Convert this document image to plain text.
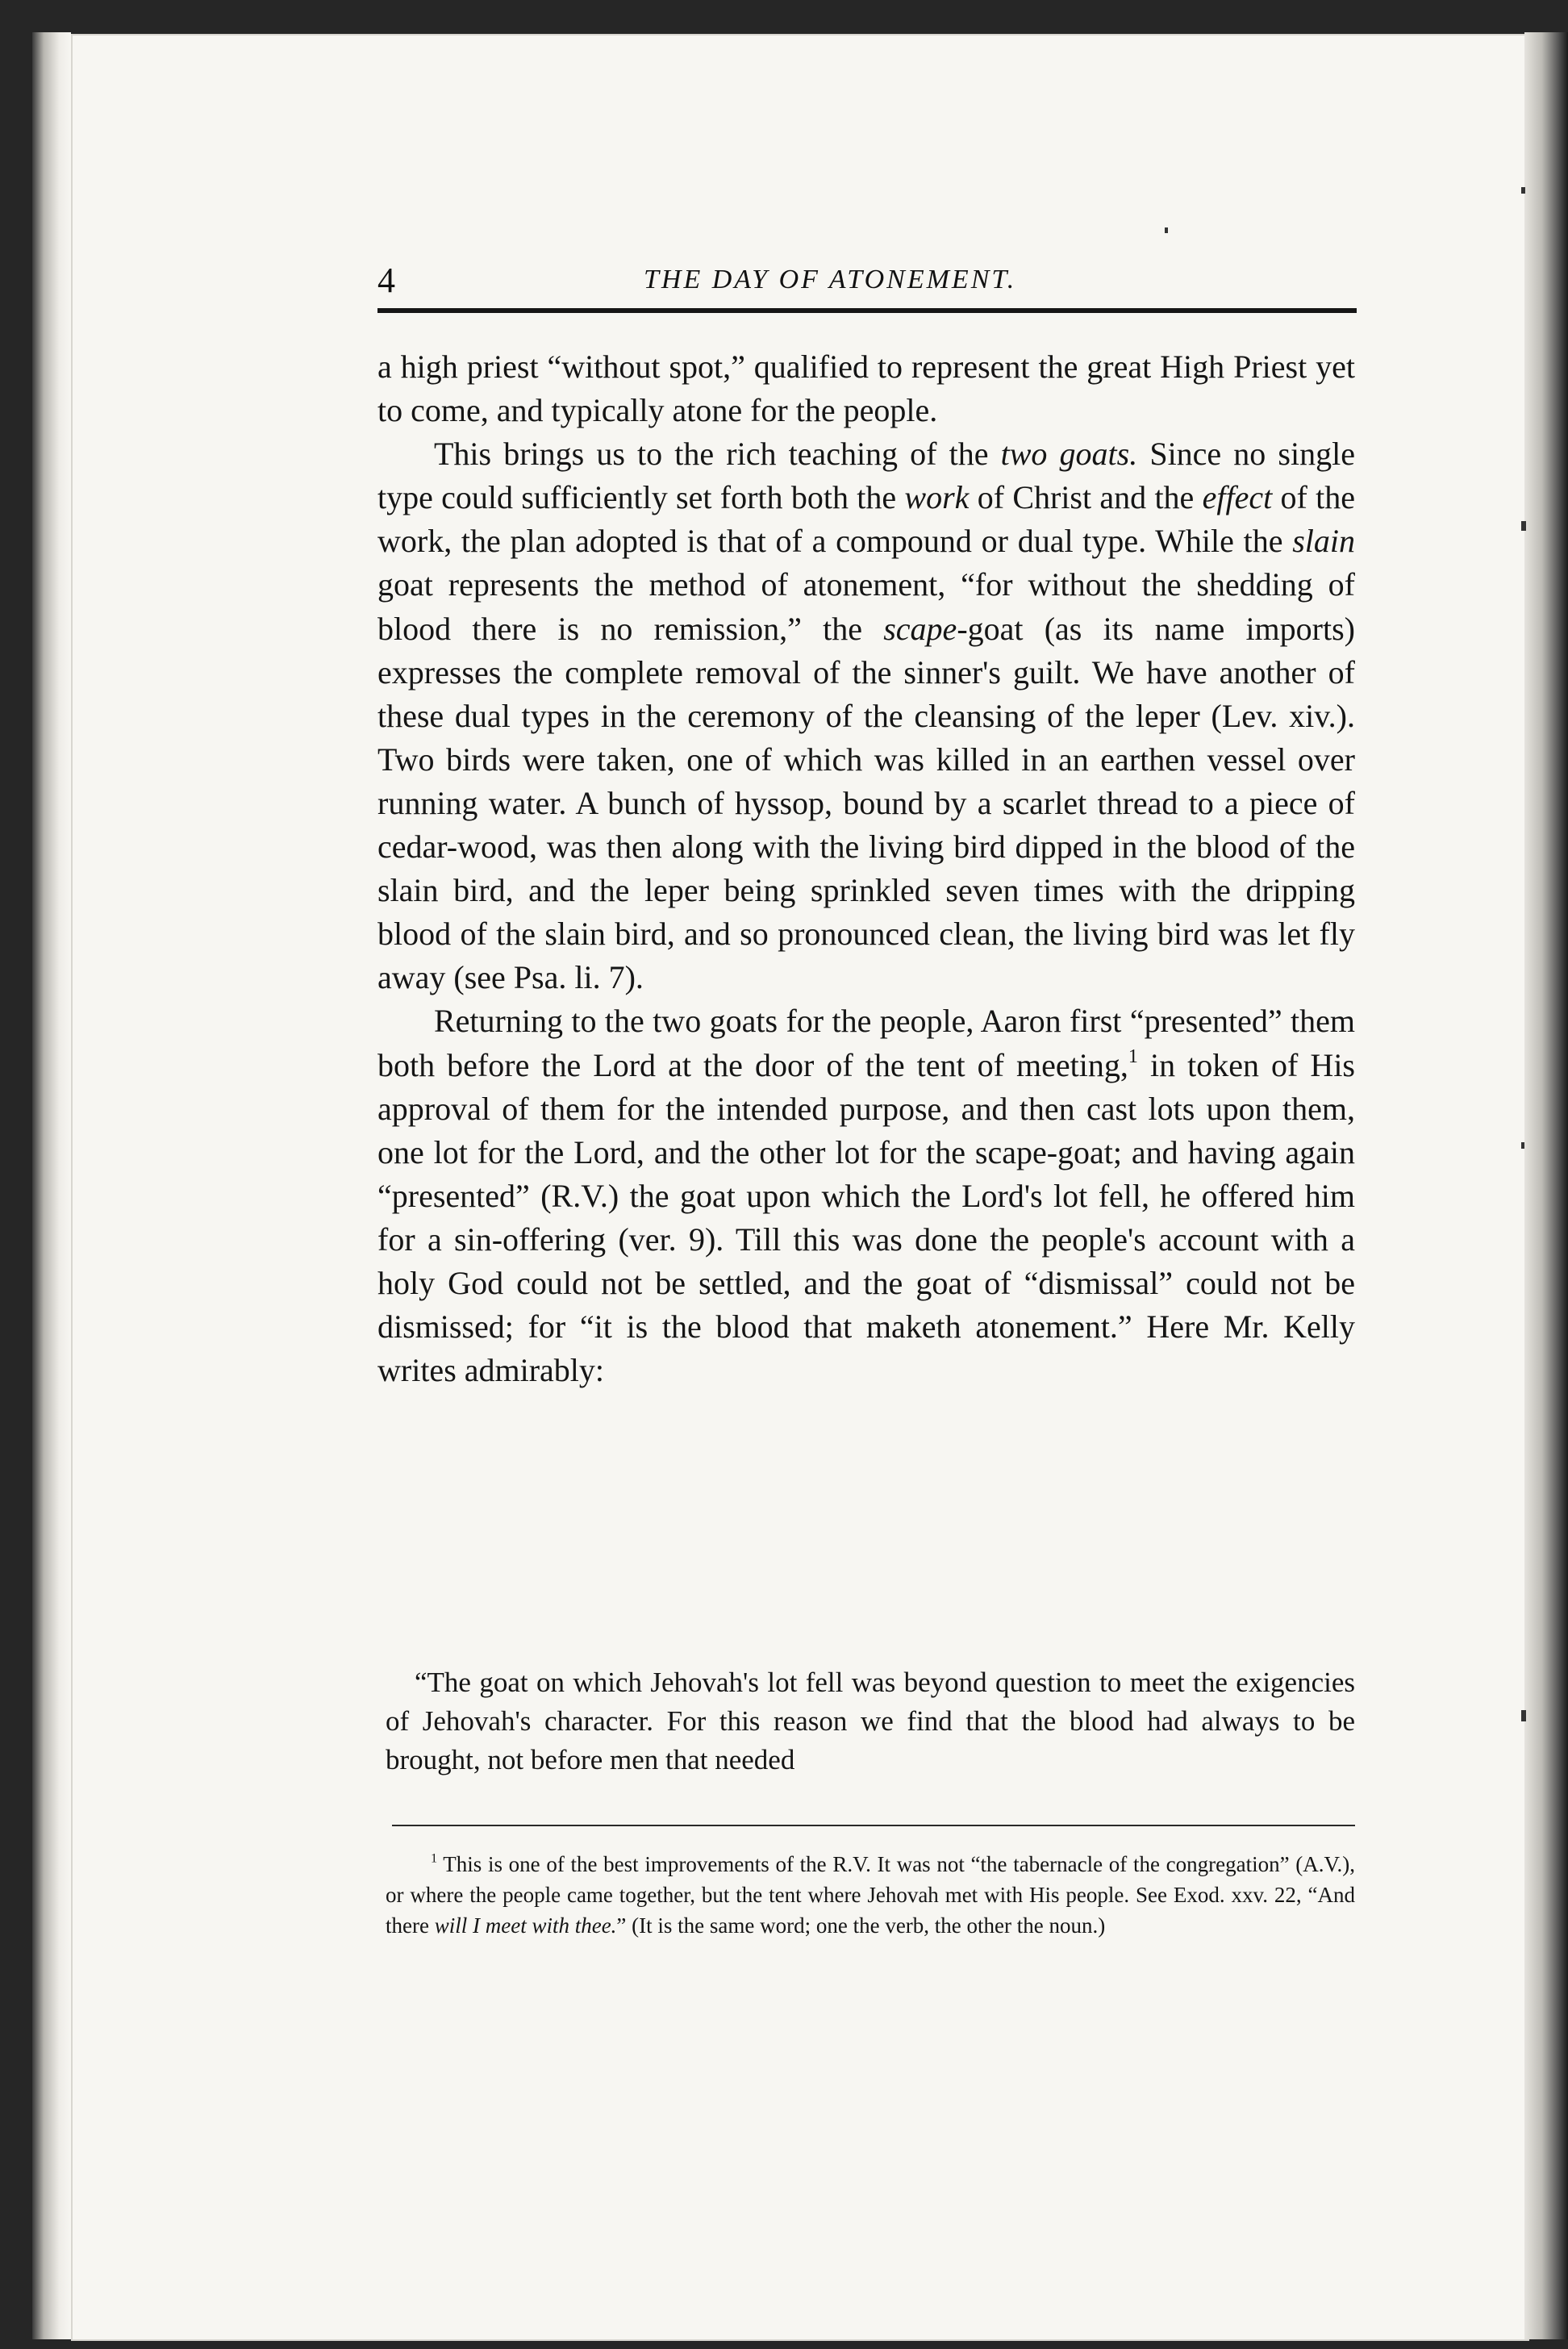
4	THE DAY OF ATONEMENT.

a high priest “without spot,” qualified to represent the great High Priest yet to come, and typically atone for the people.

This brings us to the rich teaching of the two goats. Since no single type could sufficiently set forth both the work of Christ and the effect of the work, the plan adopted is that of a compound or dual type. While the slain goat represents the method of atonement, “for without the shedding of blood there is no remission,” the scape-goat (as its name imports) expresses the complete removal of the sinner's guilt. We have another of these dual types in the ceremony of the cleansing of the leper (Lev. xiv.). Two birds were taken, one of which was killed in an earthen vessel over running water. A bunch of hyssop, bound by a scarlet thread to a piece of cedar-wood, was then along with the living bird dipped in the blood of the slain bird, and the leper being sprinkled seven times with the dripping blood of the slain bird, and so pronounced clean, the living bird was let fly away (see Psa. li. 7).

Returning to the two goats for the people, Aaron first “presented” them both before the Lord at the door of the tent of meeting,$^1$ in token of His approval of them for the intended purpose, and then cast lots upon them, one lot for the Lord, and the other lot for the scape-goat; and having again “presented” (R.V.) the goat upon which the Lord's lot fell, he offered him for a sin-offering (ver. 9). Till this was done the people's account with a holy God could not be settled, and the goat of “dismissal” could not be dismissed; for “it is the blood that maketh atonement.” Here Mr. Kelly writes admirably:

“The goat on which Jehovah's lot fell was beyond question to meet the exigencies of Jehovah's character. For this reason we find that the blood had always to be brought, not before men that needed

$^1$ This is one of the best improvements of the R.V. It was not “the tabernacle of the congregation” (A.V.), or where the people came together, but the tent where Jehovah met with His people. See Exod. xxv. 22, “And there will I meet with thee.” (It is the same word; one the verb, the other the noun.)
